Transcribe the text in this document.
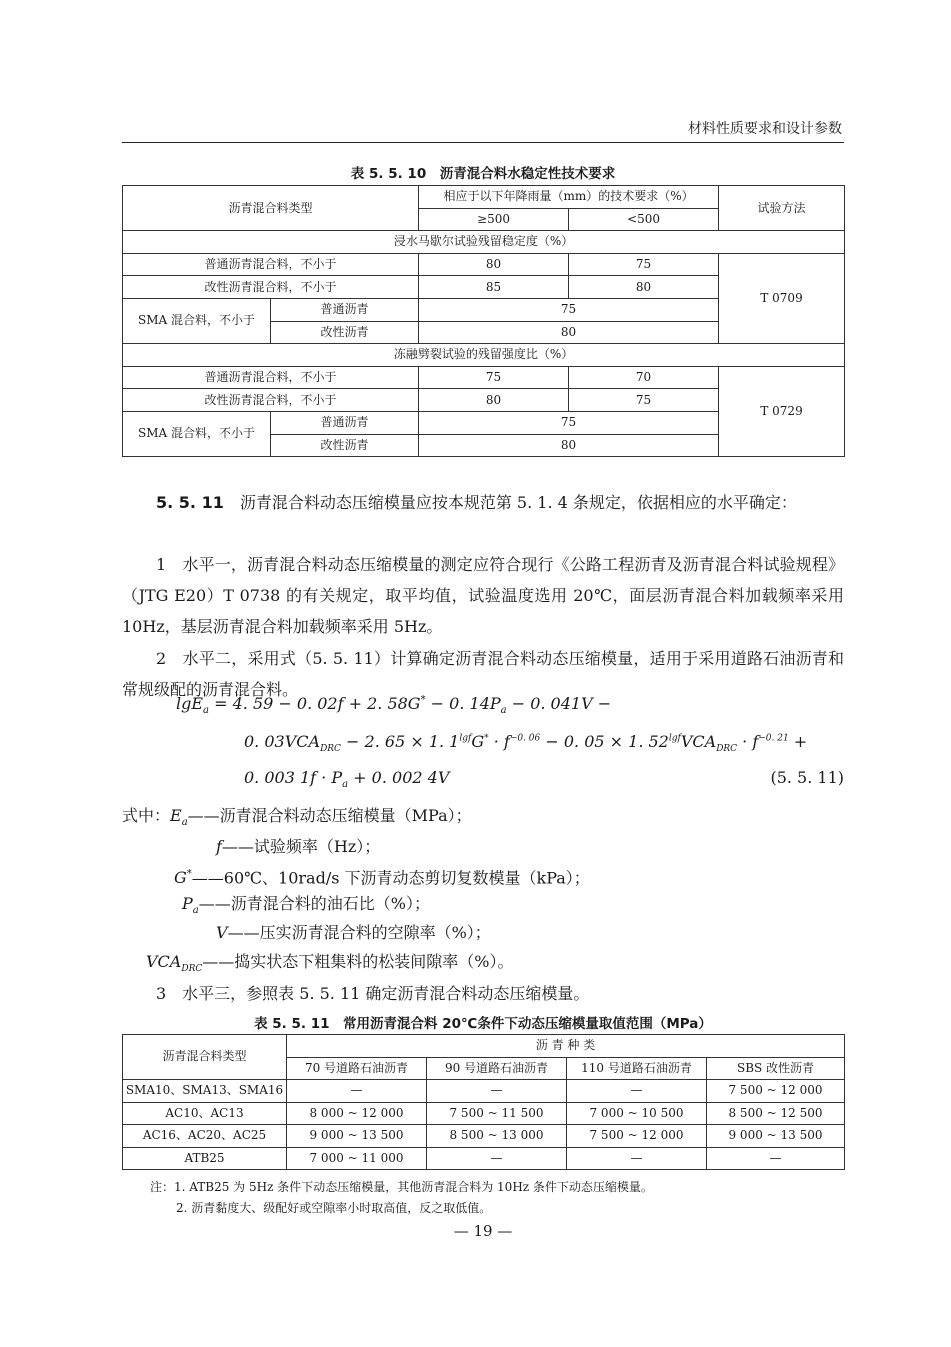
材料性质要求和设计参数
表 5. 5. 10　沥青混合料水稳定性技术要求
沥青混合料类型		相应于以下年降雨量（mm）的技术要求（%）		试验方法
		≥500	<500	
浸水马歇尔试验残留稳定度（%）				
普通沥青混合料，不小于		80	75	T 0709
改性沥青混合料，不小于		85	80	
SMA 混合料，不小于	普通沥青	75		
	改性沥青	80		
冻融劈裂试验的残留强度比（%）				
普通沥青混合料，不小于		75	70	T 0729
改性沥青混合料，不小于		80	75	
SMA 混合料，不小于	普通沥青	75		
	改性沥青	80		
5. 5. 11　 沥青混合料动态压缩模量应按本规范第 5. 1. 4 条规定，依据相应的水平确定：
1　水平一，沥青混合料动态压缩模量的测定应符合现行《公路工程沥青及沥青混合料试验规程》（JTG E20）T 0738 的有关规定，取平均值，试验温度选用 20℃，面层沥青混合料加载频率采用 10Hz，基层沥青混合料加载频率采用 5Hz。
2　水平二，采用式（5. 5. 11）计算确定沥青混合料动态压缩模量，适用于采用道路石油沥青和常规级配的沥青混合料。
lgE$_a$ = 4. 59 − 0. 02f + 2. 58G* − 0. $14P_a - 0$. 041V −
0. $03VCA_{DRC} - 2$. 65 × 1. $1^{lgf}G^* \cdot f^{-0. 06} - 0$. 05 × 1. $52^{lgf}VCA_{DRC} \cdot f^{-0. 21}$ +
0. 003 $1f \cdot P_a + 0$. 002 4V	(5. 5. 11)
式中：$E_a——$沥青混合料动态压缩模量（MPa）；
f——试验频率（Hz）；
G*——60℃、10rad/s 下沥青动态剪切复数模量（kPa）；
$P_a——$沥青混合料的油石比（%）；
V——压实沥青混合料的空隙率（%）；
$VCA_{DRC}——$捣实状态下粗集料的松装间隙率（%）。
3　水平三，参照表 5. 5. 11 确定沥青混合料动态压缩模量。
表 5. 5. 11　常用沥青混合料 20℃条件下动态压缩模量取值范围（MPa）
沥青混合料类型	沥 青 种 类			
	70 号道路石油沥青	90 号道路石油沥青	110 号道路石油沥青	SBS 改性沥青
SMA10、SMA13、SMA16	—	—	—	7 500 ~ 12 000
AC10、AC13	8 000 ~ 12 000	7 500 ~ 11 500	7 000 ~ 10 500	8 500 ~ 12 500
AC16、AC20、AC25	9 000 ~ 13 500	8 500 ~ 13 000	7 500 ~ 12 000	9 000 ~ 13 500
ATB25	7 000 ~ 11 000	—	—	—
注：1. ATB25 为 5Hz 条件下动态压缩模量，其他沥青混合料为 10Hz 条件下动态压缩模量。
2. 沥青黏度大、级配好或空隙率小时取高值，反之取低值。
— 19 —
